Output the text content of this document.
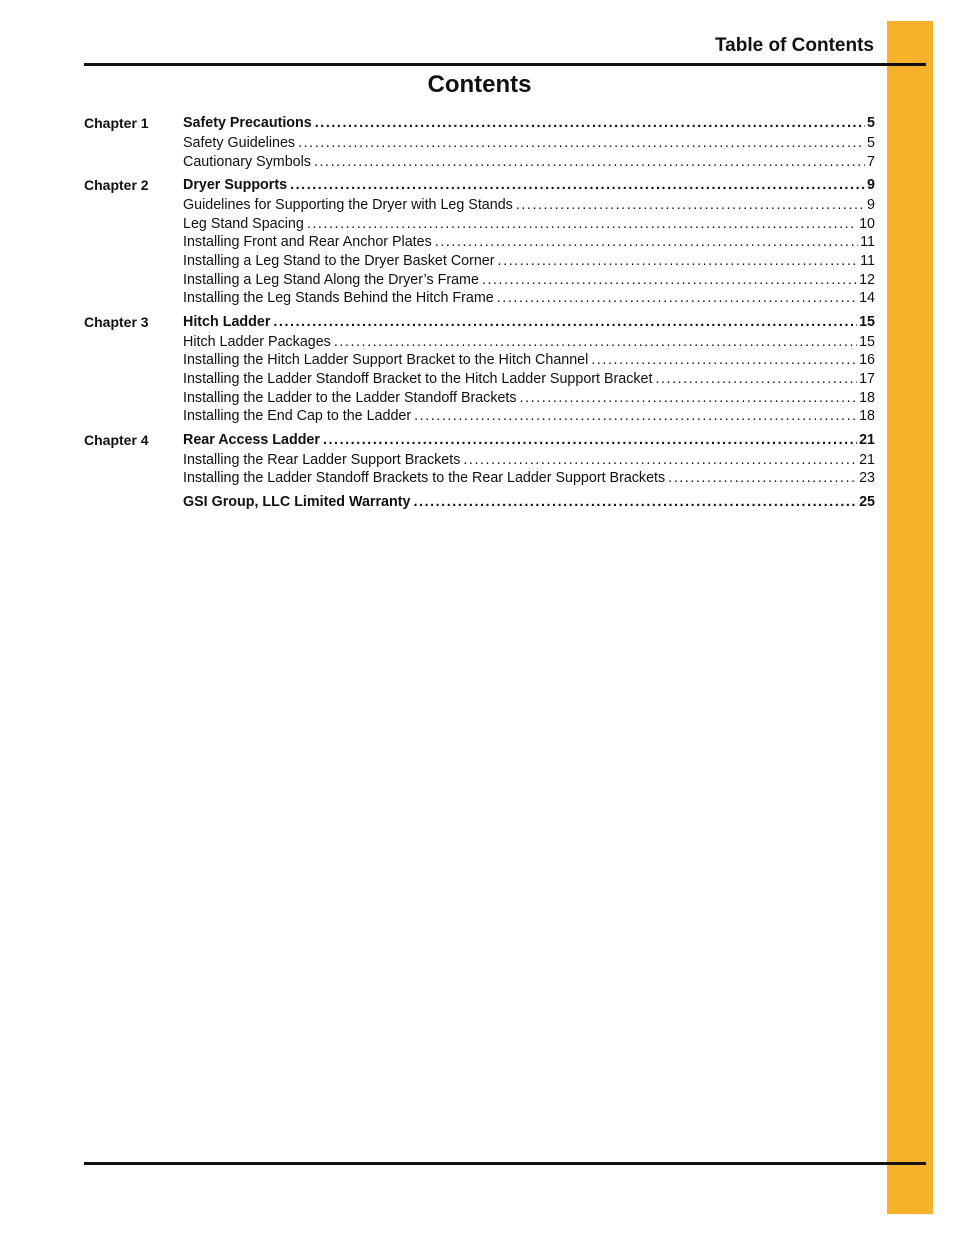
Table of Contents
Contents
Chapter 1 Safety Precautions . . .	5
Safety Guidelines . . .	5
Cautionary Symbols . . .	7
Chapter 2 Dryer Supports . . .	9
Guidelines for Supporting the Dryer with Leg Stands . . .	9
Leg Stand Spacing . . .	10
Installing Front and Rear Anchor Plates . . .	11
Installing a Leg Stand to the Dryer Basket Corner . . .	11
Installing a Leg Stand Along the Dryer’s Frame . . .	12
Installing the Leg Stands Behind the Hitch Frame . . .	14
Chapter 3 Hitch Ladder . . .	15
Hitch Ladder Packages . . .	15
Installing the Hitch Ladder Support Bracket to the Hitch Channel . . .	16
Installing the Ladder Standoff Bracket to the Hitch Ladder Support Bracket . . .	17
Installing the Ladder to the Ladder Standoff Brackets . . .	18
Installing the End Cap to the Ladder . . .	18
Chapter 4 Rear Access Ladder . . .	21
Installing the Rear Ladder Support Brackets . . .	21
Installing the Ladder Standoff Brackets to the Rear Ladder Support Brackets . . .	23
GSI Group, LLC Limited Warranty . . .	25
